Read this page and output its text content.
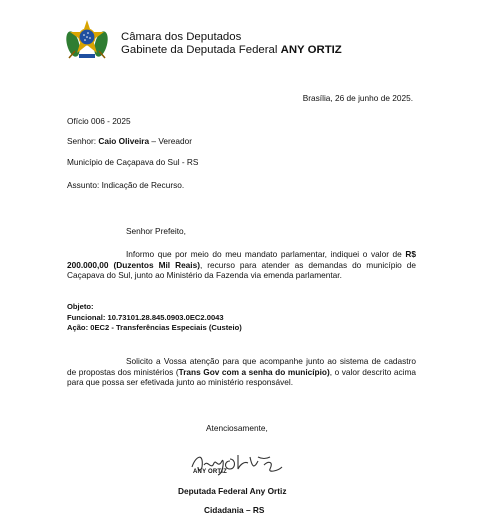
Câmara dos Deputados
Gabinete da Deputada Federal ANY ORTIZ
Brasília, 26 de junho de 2025.
Ofício 006 - 2025
Senhor: Caio Oliveira – Vereador
Município de Caçapava do Sul - RS
Assunto: Indicação de Recurso.
Senhor Prefeito,
Informo que por meio do meu mandato parlamentar, indiquei o valor de R$ 200.000,00 (Duzentos Mil Reais), recurso para atender as demandas do município de Caçapava do Sul, junto ao Ministério da Fazenda via emenda parlamentar.
Objeto:
Funcional: 10.73101.28.845.0903.0EC2.0043
Ação: 0EC2 - Transferências Especiais (Custeio)
Solicito a Vossa atenção para que acompanhe junto ao sistema de cadastro de propostas dos ministérios (Trans Gov com a senha do município), o valor descrito acima para que possa ser efetivada junto ao ministério responsável.
Atenciosamente,
ANY ORTIZ
Deputada Federal Any Ortiz
Cidadania – RS
